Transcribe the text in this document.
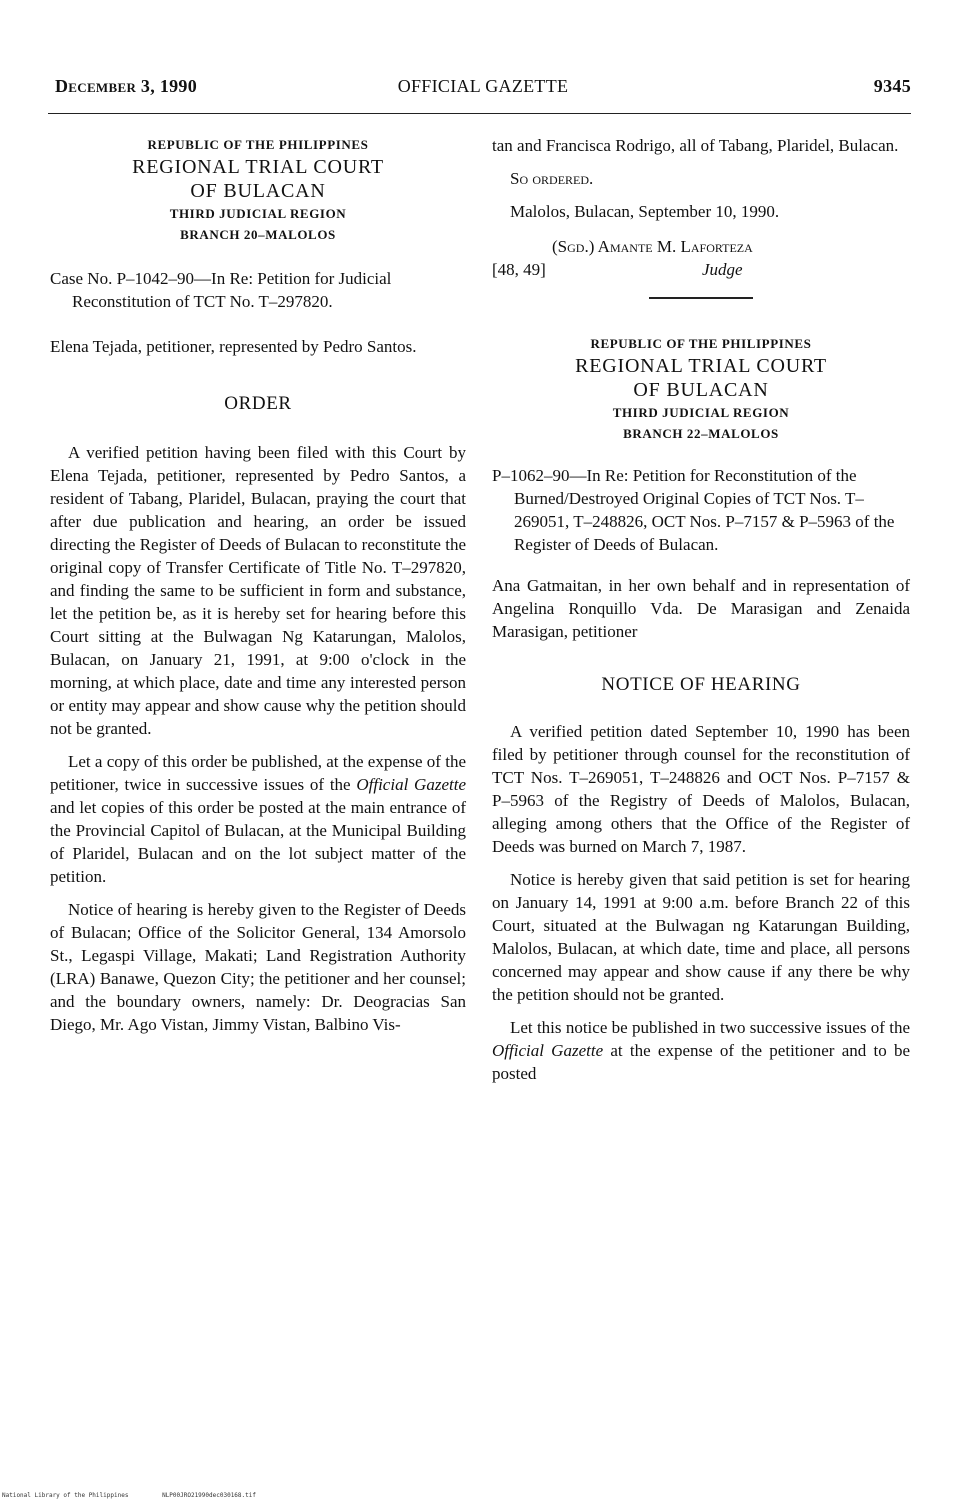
December 3, 1990	OFFICIAL GAZETTE	9345
REPUBLIC OF THE PHILIPPINES
REGIONAL TRIAL COURT
OF BULACAN
THIRD JUDICIAL REGION
BRANCH 20–MALOLOS

Case No. P–1042–90—In Re: Petition for Judicial Reconstitution of TCT No. T–297820.

Elena Tejada, petitioner, represented by Pedro Santos.

ORDER

A verified petition having been filed with this Court by Elena Tejada, petitioner, represented by Pedro Santos, a resident of Tabang, Plaridel, Bulacan, praying the court that after due publication and hearing, an order be issued directing the Register of Deeds of Bulacan to reconstitute the original copy of Transfer Certificate of Title No. T–297820, and finding the same to be sufficient in form and substance, let the petition be, as it is hereby set for hearing before this Court sitting at the Bulwagan Ng Katarungan, Malolos, Bulacan, on January 21, 1991, at 9:00 o'clock in the morning, at which place, date and time any interested person or entity may appear and show cause why the petition should not be granted.

Let a copy of this order be published, at the expense of the petitioner, twice in successive issues of the Official Gazette and let copies of this order be posted at the main entrance of the Provincial Capitol of Bulacan, at the Municipal Building of Plaridel, Bulacan and on the lot subject matter of the petition.

Notice of hearing is hereby given to the Register of Deeds of Bulacan; Office of the Solicitor General, 134 Amorsolo St., Legaspi Village, Makati; Land Registration Authority (LRA) Banawe, Quezon City; the petitioner and her counsel; and the boundary owners, namely: Dr. Deogracias San Diego, Mr. Ago Vistan, Jimmy Vistan, Balbino Vis-

tan and Francisca Rodrigo, all of Tabang, Plaridel, Bulacan.

So ordered.

Malolos, Bulacan, September 10, 1990.

(Sgd.) Amante M. Laforteza
[48, 49]	Judge
REPUBLIC OF THE PHILIPPINES
REGIONAL TRIAL COURT
OF BULACAN
THIRD JUDICIAL REGION
BRANCH 22–MALOLOS

P–1062–90—In Re: Petition for Reconstitution of the Burned/Destroyed Original Copies of TCT Nos. T–269051, T–248826, OCT Nos. P–7157 & P–5963 of the Register of Deeds of Bulacan.

Ana Gatmaitan, in her own behalf and in representation of Angelina Ronquillo Vda. De Marasigan and Zenaida Marasigan, petitioner

NOTICE OF HEARING

A verified petition dated September 10, 1990 has been filed by petitioner through counsel for the reconstitution of TCT Nos. T–269051, T–248826 and OCT Nos. P–7157 & P–5963 of the Registry of Deeds of Malolos, Bulacan, alleging among others that the Office of the Register of Deeds was burned on March 7, 1987.

Notice is hereby given that said petition is set for hearing on January 14, 1991 at 9:00 a.m. before Branch 22 of this Court, situated at the Bulwagan ng Katarungan Building, Malolos, Bulacan, at which date, time and place, all persons concerned may appear and show cause if any there be why the petition should not be granted.

Let this notice be published in two successive issues of the Official Gazette at the expense of the petitioner and to be posted

National Library of the Philippines	NLP00JRO21990dec030168.tif
